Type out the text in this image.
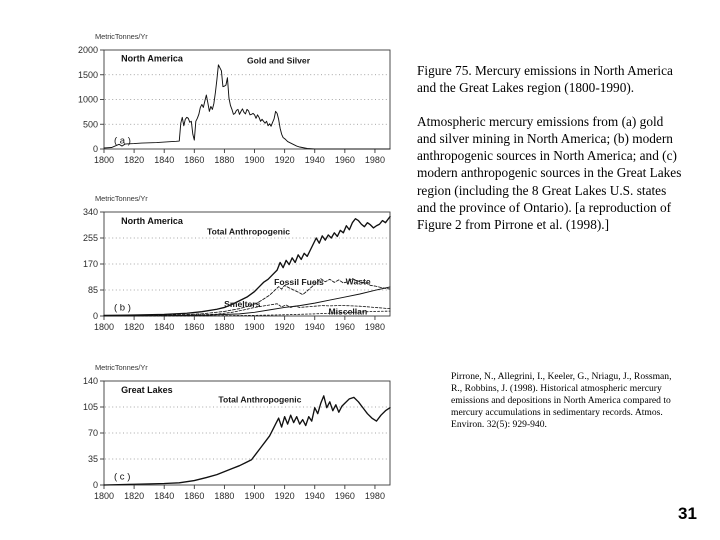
MetricTonnes/Yr
0
500
1000
1500
2000
1800 1820 1840 1860 1880 1900 1920 1940 1960 1980
North America
( a )
Gold and Silver
MetricTonnes/Yr
0
85
170
255
340
1800 1820 1840 1860 1880 1900 1920 1940 1960 1980
North America
( b )
Total Anthropogenic
Fossil Fuels	Waste
Smelters
Miscellan
MetricTonnes/Yr
0
35
70
105
140
1800 1820 1840 1860 1880 1900 1920 1940 1960 1980
Great Lakes
( c )
Total Anthropogenic

Figure 75. Mercury emissions in North America and the Great Lakes region (1800-1990).

Atmospheric mercury emissions from (a) gold and silver mining in North America; (b) modern anthropogenic sources in North America; and (c) modern anthropogenic sources in the Great Lakes region (including the 8 Great Lakes U.S. states and the province of Ontario). [a reproduction of Figure 2 from Pirrone et al. (1998).]

Pirrone, N., Allegrini, I., Keeler, G., Nriagu, J., Rossman, R., Robbins, J. (1998). Historical atmospheric mercury emissions and depositions in North America compared to mercury accumulations in sedimentary records. Atmos. Environ. 32(5): 929-940.

31
